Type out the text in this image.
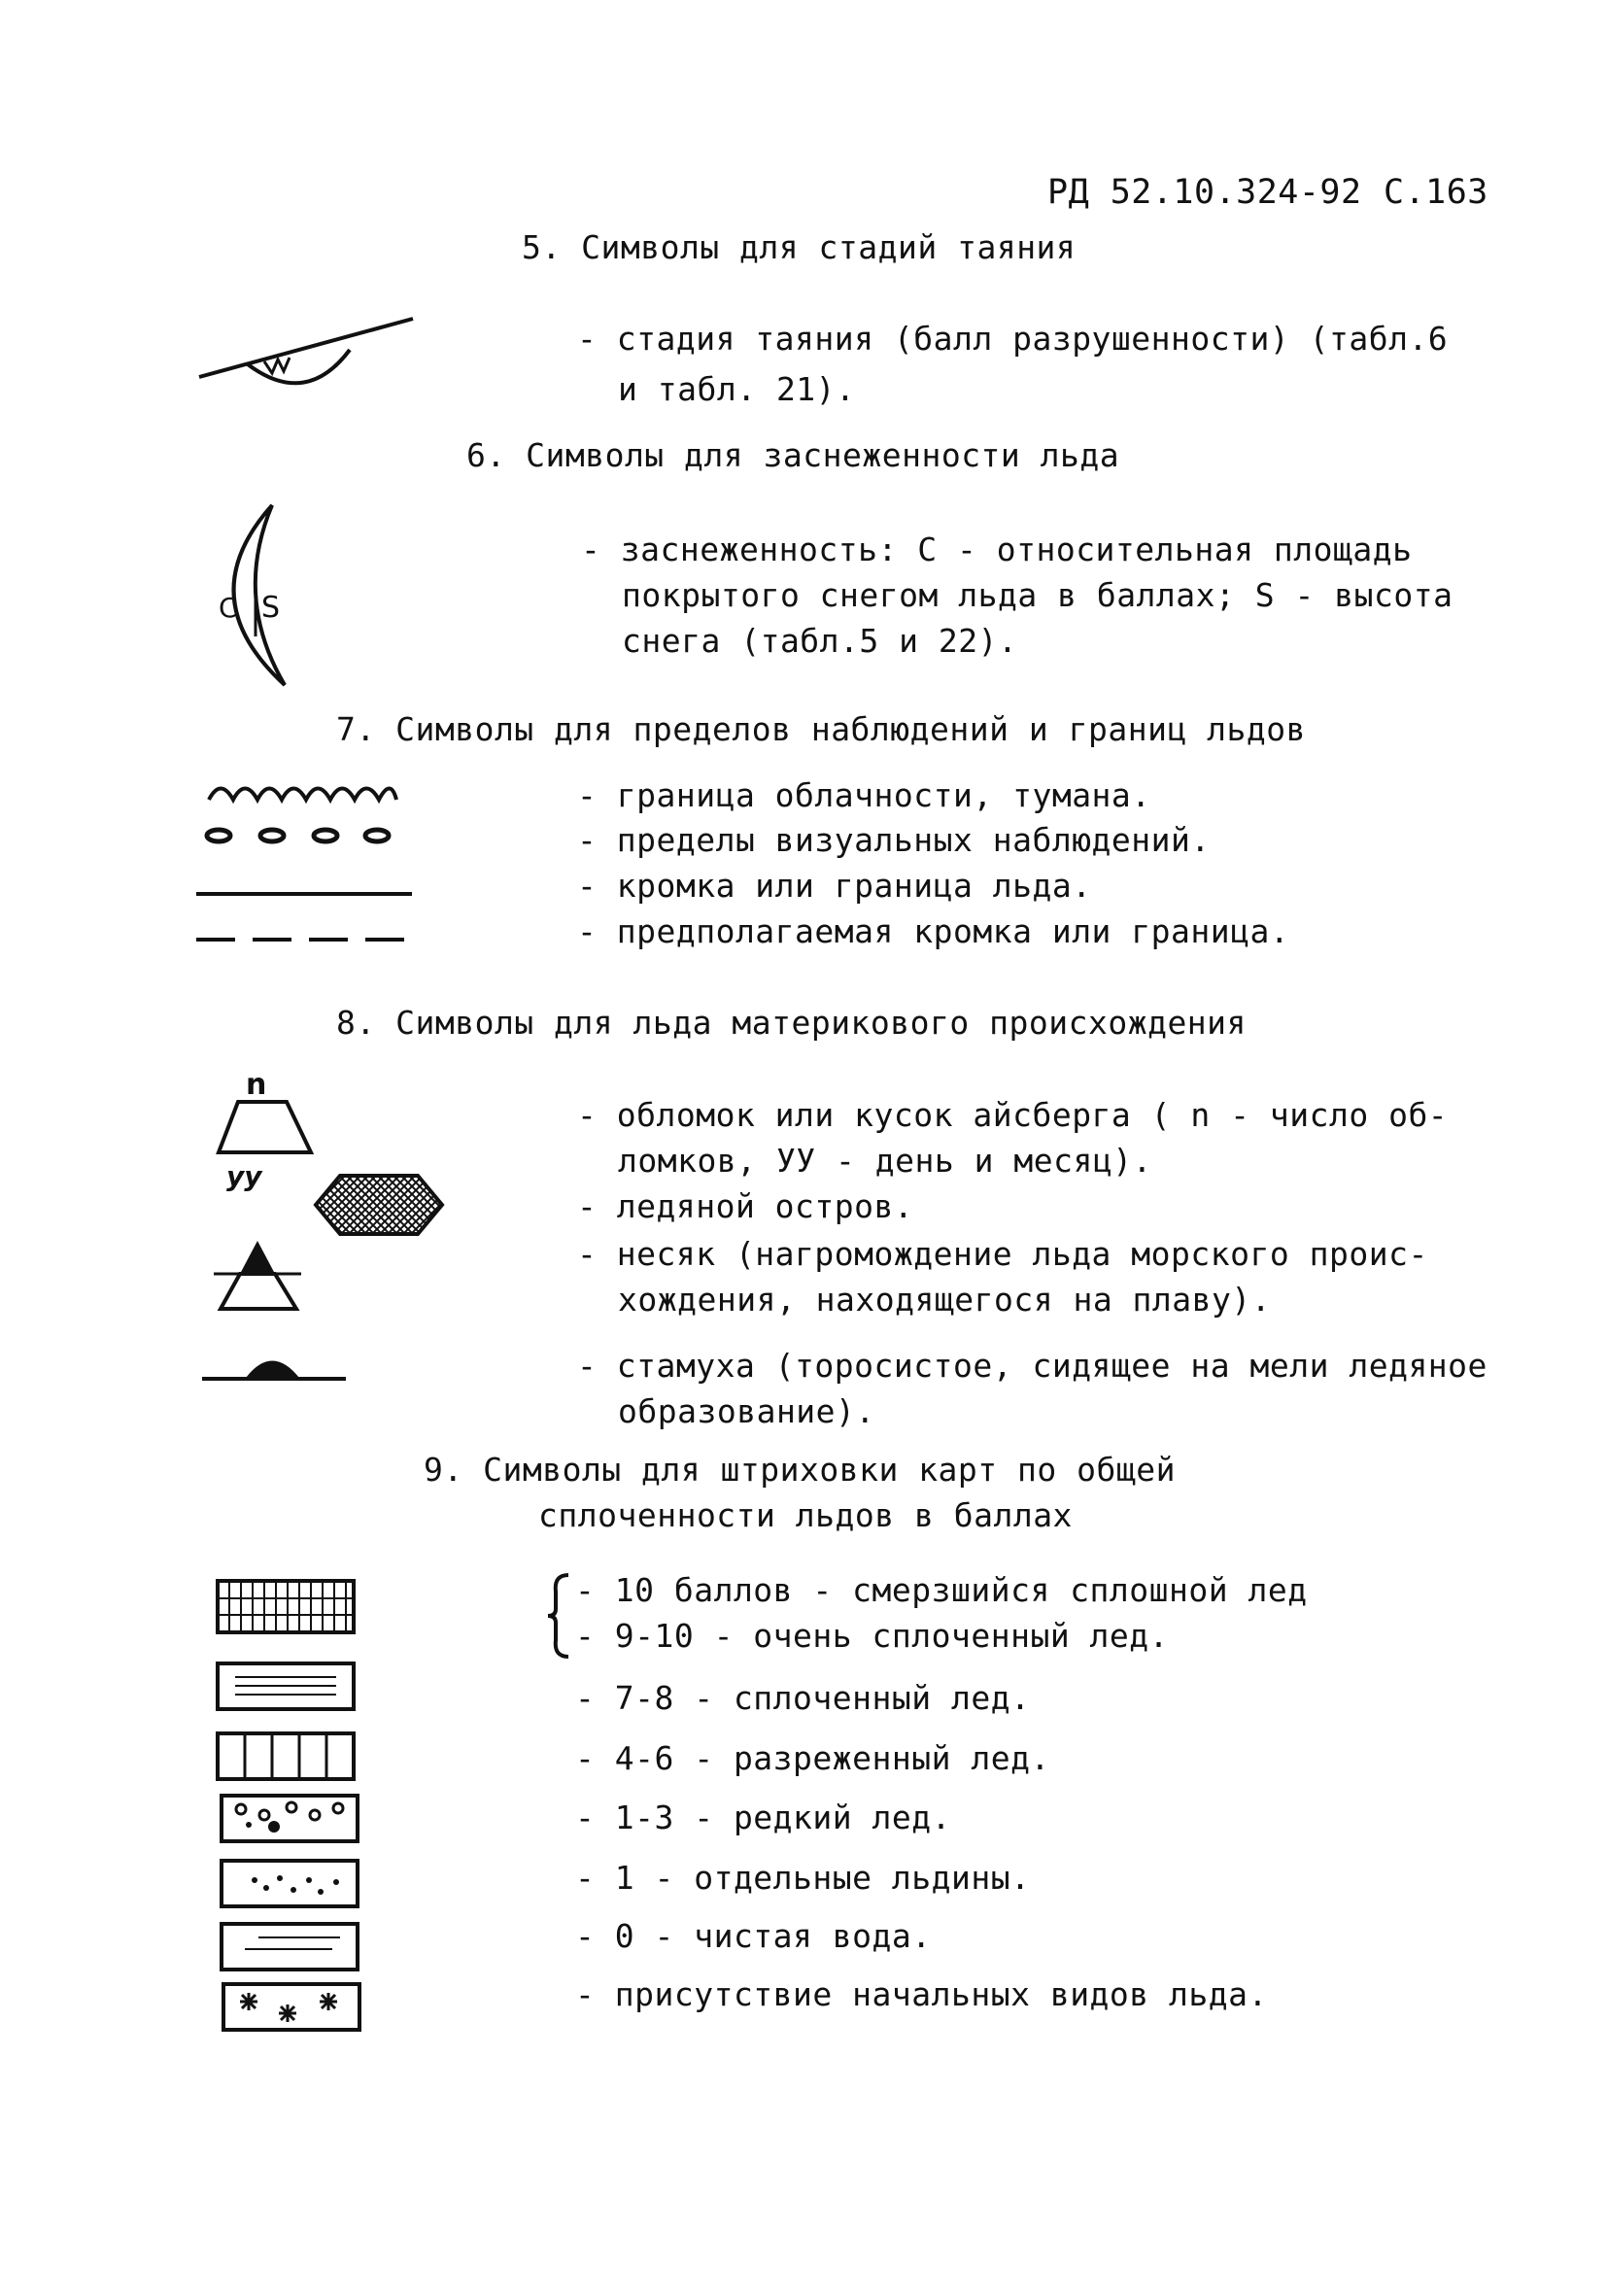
РД 52.10.324-92 С.163
5. Символы для стадий таяния
- стадия таяния (балл разрушенности) (табл.6
и табл. 21).
6. Символы для заснеженности льда
C S
- заснеженность: С - относительная площадь
покрытого снегом льда в баллах; S - высота
снега (табл.5 и 22).
7. Символы для пределов наблюдений и границ льдов
- граница облачности, тумана.
- пределы визуальных наблюдений.
- кромка или граница льда.
- предполагаемая кромка или граница.
8. Символы для льда материкового происхождения
n
уу
- обломок или кусок айсберга ( n - число об-
ломков, УУ - день и месяц).
- ледяной остров.
- несяк (нагромождение льда морского проис-
хождения, находящегося на плаву).
- стамуха (торосистое, сидящее на мели ледяное
образование).
9. Символы для штриховки карт по общей
сплоченности льдов в баллах
- 10 баллов - смерзшийся сплошной лед
- 9-10 - очень сплоченный лед.
- 7-8 - сплоченный лед.
- 4-6 - разреженный лед.
- 1-3 - редкий лед.
- 1 - отдельные льдины.
- 0 - чистая вода.
- присутствие начальных видов льда.
